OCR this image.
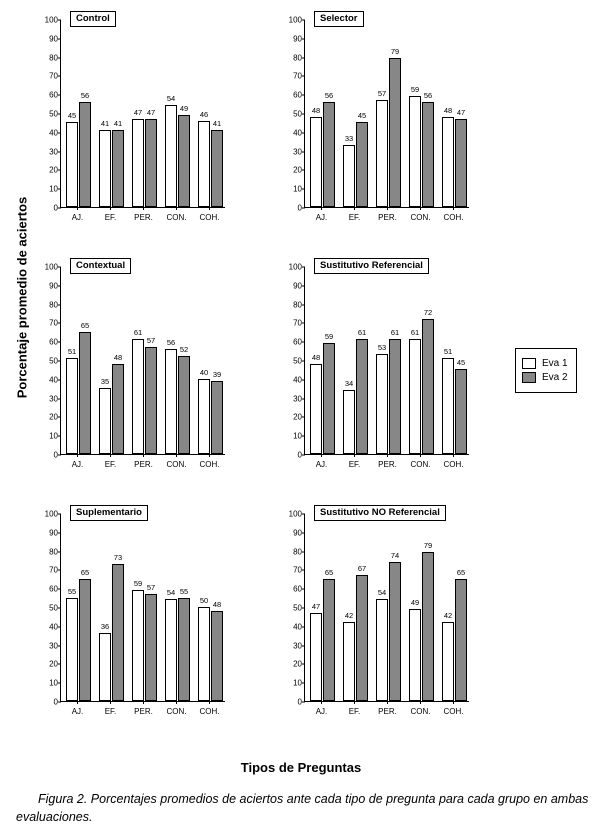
Porcentaje promedio de aciertos
Control
0
10
20
30
40
50
60
70
80
90
100
45
56
AJ.
41 41
EF.
47 47
PER.
54
49
CON.
46
41
COH.
Selector
0
10
20
30
40
50
60
70
80
90
100
48
56
AJ.
33
45
EF.
57
79
PER.
59
56
CON.
48 47
COH.
Contextual
0
10
20
30
40
50
60
70
80
90
100
51
65
AJ.
35
48
EF.
61
57
PER.
56
52
CON.
40 39
COH.
Sustitutivo Referencial
0
10
20
30
40
50
60
70
80
90
100
48
59
AJ.
34
61
EF.
53
61
PER.
61
72
CON.
51
45
COH.
Suplementario
0
10
20
30
40
50
60
70
80
90
100
55
65
AJ.
36
73
EF.
59 57
PER.
54 55
CON.
50 48
COH.
Sustitutivo NO Referencial
0
10
20
30
40
50
60
70
80
90
100
47
65
AJ.
42
67
EF.
54
74
PER.
49
79
CON.
42
65
COH.
Eva 1
Eva 2
Tipos de Preguntas
Figura 2. Porcentajes promedios de aciertos ante cada tipo de pregunta para cada grupo en ambas evaluaciones.
